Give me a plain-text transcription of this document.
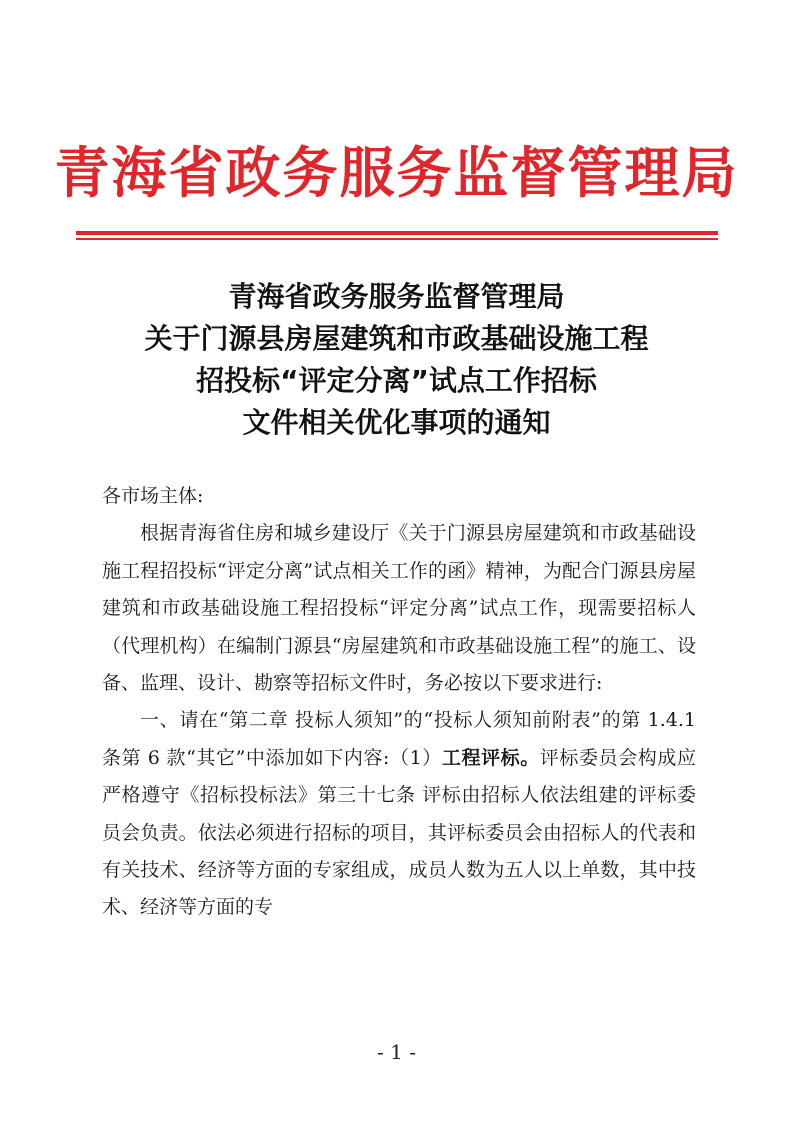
青海省政务服务监督管理局
青海省政务服务监督管理局
关于门源县房屋建筑和市政基础设施工程
招投标“评定分离”试点工作招标
文件相关优化事项的通知

各市场主体:

根据青海省住房和城乡建设厅《关于门源县房屋建筑和市政基础设施工程招投标“评定分离”试点相关工作的函》精神，为配合门源县房屋建筑和市政基础设施工程招投标“评定分离”试点工作，现需要招标人（代理机构）在编制门源县“房屋建筑和市政基础设施工程”的施工、设备、监理、设计、勘察等招标文件时，务必按以下要求进行:

一、请在“第二章 投标人须知”的“投标人须知前附表”的第 1.4.1 条第 6 款“其它”中添加如下内容:（1）工程评标。评标委员会构成应严格遵守《招标投标法》第三十七条 评标由招标人依法组建的评标委员会负责。依法必须进行招标的项目，其评标委员会由招标人的代表和有关技术、经济等方面的专家组成，成员人数为五人以上单数，其中技术、经济等方面的专

- 1 -
